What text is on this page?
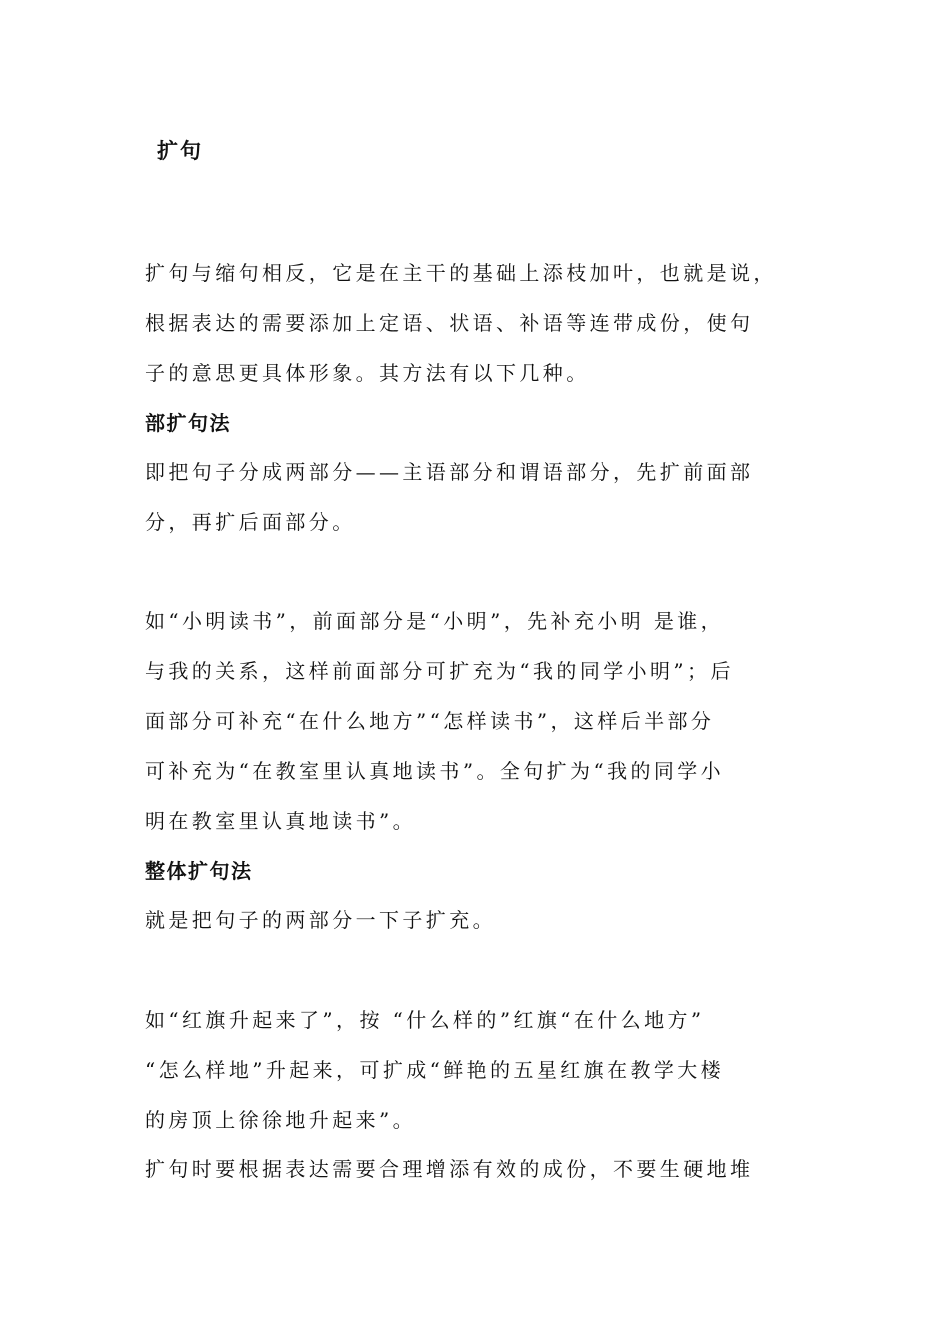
扩句
扩句与缩句相反，它是在主干的基础上添枝加叶，也就是说，
根据表达的需要添加上定语、状语、补语等连带成份，使句
子的意思更具体形象。其方法有以下几种。
部扩句法
即把句子分成两部分——主语部分和谓语部分，先扩前面部
分，再扩后面部分。
如“小明读书”，前面部分是“小明”，先补充小明 是谁，
与我的关系，这样前面部分可扩充为“我的同学小明”；后
面部分可补充“在什么地方”“怎样读书”，这样后半部分
可补充为“在教室里认真地读书”。全句扩为“我的同学小
明在教室里认真地读书”。
整体扩句法
就是把句子的两部分一下子扩充。
如“红旗升起来了”，按 “什么样的”红旗“在什么地方”
“怎么样地”升起来，可扩成“鲜艳的五星红旗在教学大楼
的房顶上徐徐地升起来”。
扩句时要根据表达需要合理增添有效的成份，不要生硬地堆
